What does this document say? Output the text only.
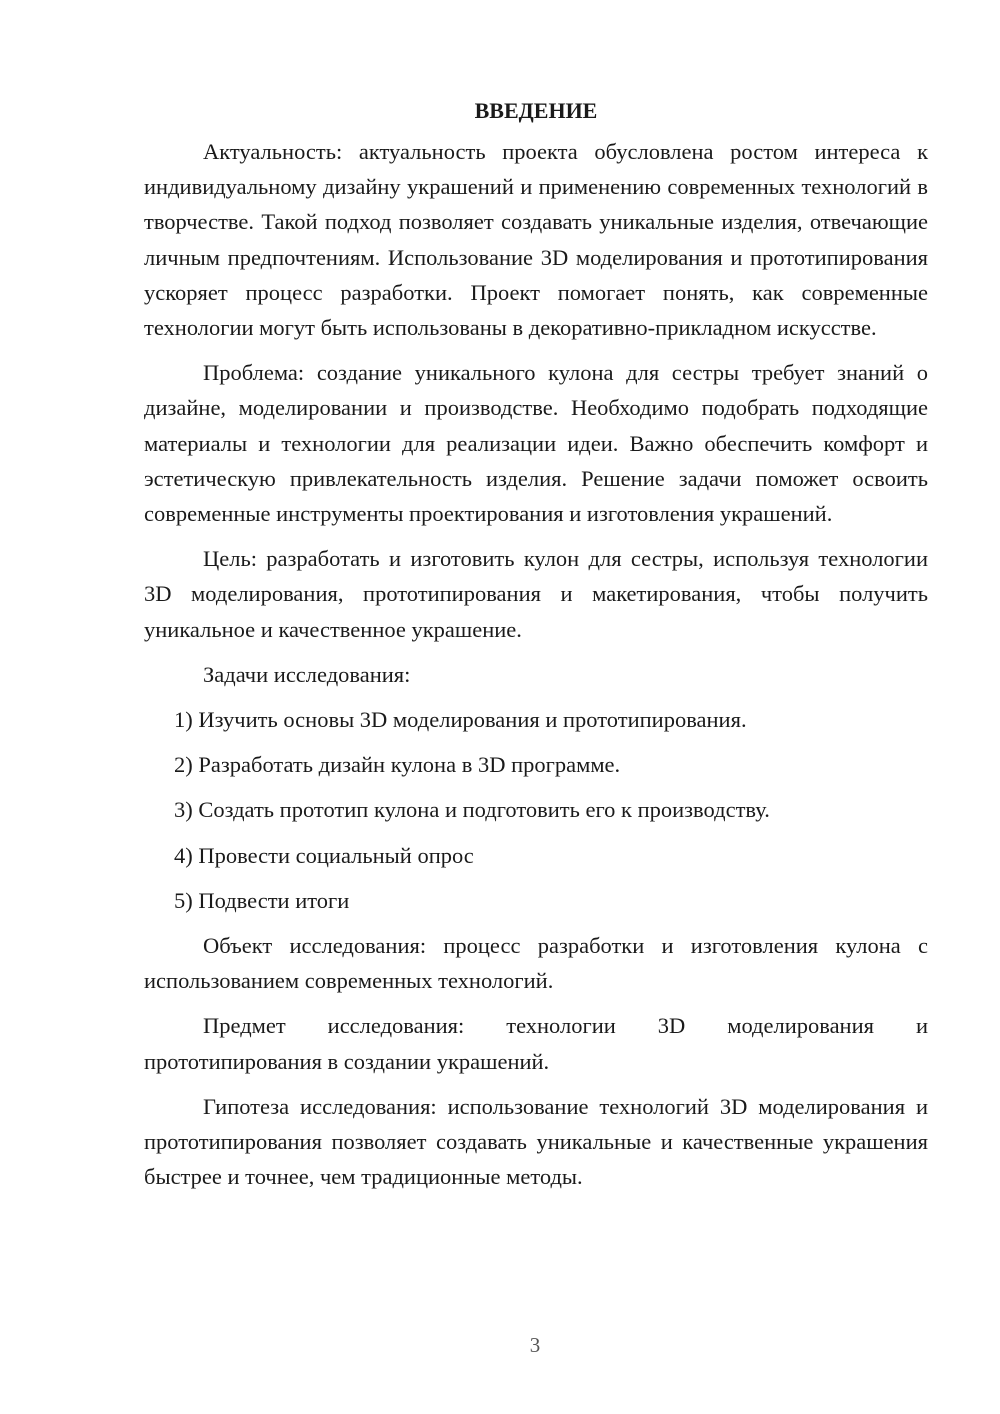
ВВЕДЕНИЕ

Актуальность: актуальность проекта обусловлена ростом интереса к индивидуальному дизайну украшений и применению современных технологий в творчестве. Такой подход позволяет создавать уникальные изделия, отвечающие личным предпочтениям. Использование 3D моделирования и прототипирования ускоряет процесс разработки. Проект помогает понять, как современные технологии могут быть использованы в декоративно-прикладном искусстве.

Проблема: создание уникального кулона для сестры требует знаний о дизайне, моделировании и производстве. Необходимо подобрать подходящие материалы и технологии для реализации идеи. Важно обеспечить комфорт и эстетическую привлекательность изделия. Решение задачи поможет освоить современные инструменты проектирования и изготовления украшений.

Цель: разработать и изготовить кулон для сестры, используя технологии 3D моделирования, прототипирования и макетирования, чтобы получить уникальное и качественное украшение.

Задачи исследования:

1) Изучить основы 3D моделирования и прототипирования.
2) Разработать дизайн кулона в 3D программе.
3) Создать прототип кулона и подготовить его к производству.
4) Провести социальный опрос
5) Подвести итоги

Объект исследования: процесс разработки и изготовления кулона с использованием современных технологий.

Предмет исследования: технологии 3D моделирования и прототипирования в создании украшений.

Гипотеза исследования: использование технологий 3D моделирования и прототипирования позволяет создавать уникальные и качественные украшения быстрее и точнее, чем традиционные методы.

3
